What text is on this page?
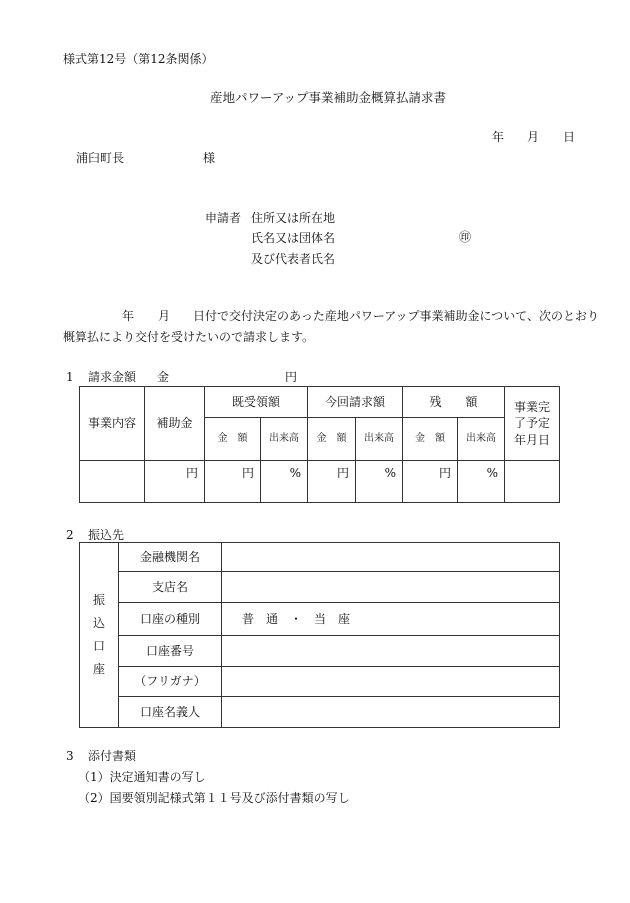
様式第12号（第12条関係）
産地パワーアップ事業補助金概算払請求書
年 月 日
浦臼町長	様
申請者 住所又は所在地
氏名又は団体名	㊞
及び代表者氏名
年 月 日付で交付決定のあった産地パワーアップ事業補助金について、次のとおり
概算払により交付を受けたいので請求します。
1 請求金額 金	円
事業内容	補助金	既受領額		今回請求額		残　　額		事業完了予定年月日
		金　額	出来高	金　額	出来高	金　額	出来高	
	円	円	%	円	%	円	%	
2 振込先
振
込
口
座	金融機関名	
	支店名	
	口座の種別	普　通　・　当　座
	口座番号	
	（フリガナ）	
	口座名義人	
3 添付書類
（1）決定通知書の写し
（2）国要領別記様式第１１号及び添付書類の写し
